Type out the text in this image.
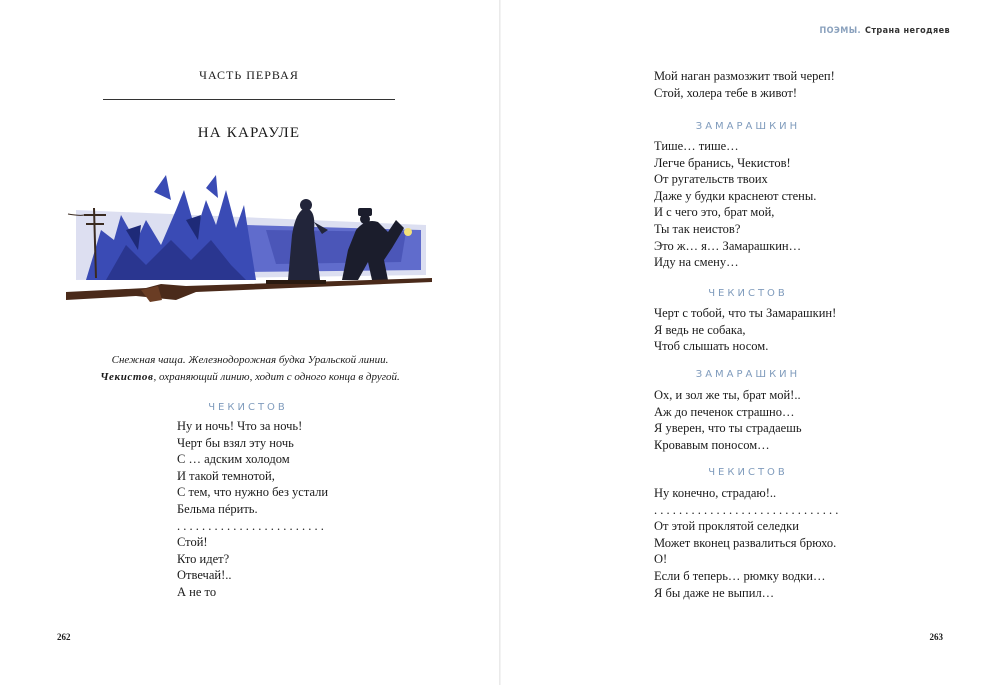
ЧАСТЬ ПЕРВАЯ
НА КАРАУЛЕ
Снежная чаща. Железнодорожная будка Уральской линии.
Чекистов, охраняющий линию, ходит с одного конца в другой.
ЧЕКИСТОВ
Ну и ночь! Что за ночь!
Черт бы взял эту ночь
С … адским холодом
И такой темнотой,
С тем, что нужно без устали
Бельма пéрить.
. . . . . . . . . . . . . . . . . . . . . . . .
Стой!
Кто идет?
Отвечай!..
А не то
262
ПОЭМЫ. Страна негодяев
Мой наган размозжит твой череп!
Стой, холера тебе в живот!
ЗАМАРАШКИН
Тише… тише…
Легче бранись, Чекистов!
От ругательств твоих
Даже у будки краснеют стены.
И с чего это, брат мой,
Ты так неистов?
Это ж… я… Замарашкин…
Иду на смену…
ЧЕКИСТОВ
Черт с тобой, что ты Замарашкин!
Я ведь не собака,
Чтоб слышать носом.
ЗАМАРАШКИН
Ох, и зол же ты, брат мой!..
Аж до печенок страшно…
Я уверен, что ты страдаешь
Кровавым поносом…
ЧЕКИСТОВ
Ну конечно, страдаю!..
. . . . . . . . . . . . . . . . . . . . . . . . . . . . . .
От этой проклятой селедки
Может вконец развалиться брюхо.
О!
Если б теперь… рюмку водки…
Я бы даже не выпил…
263
